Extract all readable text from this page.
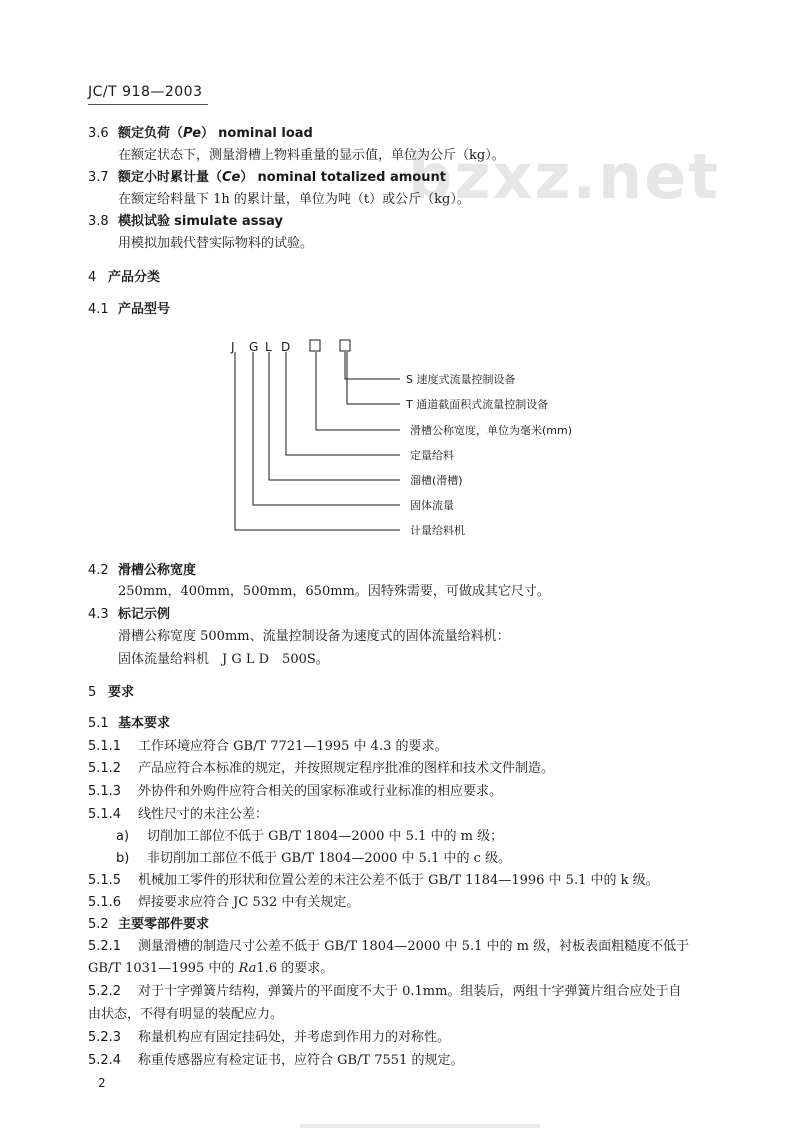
bzxz.net
JC/T 918—2003
3.6 额定负荷（Pe） nominal load
在额定状态下，测量滑槽上物料重量的显示值，单位为公斤（kg）。
3.7 额定小时累计量（Ce） nominal totalized amount
在额定给料量下 1h 的累计量，单位为吨（t）或公斤（kg）。
3.8 模拟试验 simulate assay
用模拟加载代替实际物料的试验。
4 产品分类
4.1 产品型号
J G L D
S 速度式流量控制设备
T 通道截面积式流量控制设备
滑槽公称宽度，单位为毫米(mm)
定量给料
溜槽(滑槽)
固体流量
计量给料机
4.2 滑槽公称宽度
250mm，400mm，500mm，650mm。因特殊需要，可做成其它尺寸。
4.3 标记示例
滑槽公称宽度 500mm、流量控制设备为速度式的固体流量给料机：
固体流量给料机　J G L D　500S。
5 要求
5.1 基本要求
5.1.1 工作环境应符合 GB/T 7721—1995 中 4.3 的要求。
5.1.2 产品应符合本标准的规定，并按照规定程序批准的图样和技术文件制造。
5.1.3 外协件和外购件应符合相关的国家标准或行业标准的相应要求。
5.1.4 线性尺寸的未注公差：
a) 切削加工部位不低于 GB/T 1804—2000 中 5.1 中的 m 级；
b) 非切削加工部位不低于 GB/T 1804—2000 中 5.1 中的 c 级。
5.1.5 机械加工零件的形状和位置公差的未注公差不低于 GB/T 1184—1996 中 5.1 中的 k 级。
5.1.6 焊接要求应符合 JC 532 中有关规定。
5.2 主要零部件要求
5.2.1 测量滑槽的制造尺寸公差不低于 GB/T 1804—2000 中 5.1 中的 m 级，衬板表面粗糙度不低于
GB/T 1031—1995 中的 Ra1.6 的要求。
5.2.2 对于十字弹簧片结构，弹簧片的平面度不大于 0.1mm。组装后，两组十字弹簧片组合应处于自
由状态，不得有明显的装配应力。
5.2.3 称量机构应有固定挂码处，并考虑到作用力的对称性。
5.2.4 称重传感器应有检定证书，应符合 GB/T 7551 的规定。
2
